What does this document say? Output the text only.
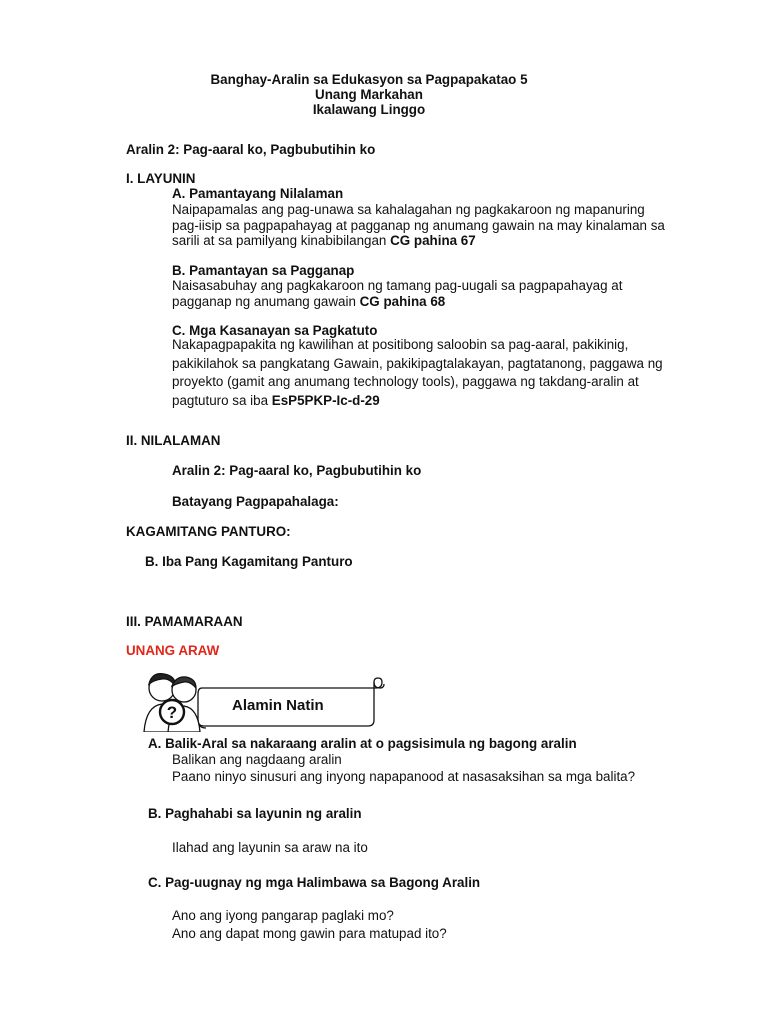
Banghay-Aralin sa Edukasyon sa Pagpapakatao 5
Unang Markahan
Ikalawang Linggo
Aralin 2: Pag-aaral ko, Pagbubutihin ko
I. LAYUNIN
A. Pamantayang Nilalaman
Naipapamalas ang pag-unawa sa kahalagahan ng pagkakaroon ng mapanuring
pag-iisip sa pagpapahayag at pagganap ng anumang gawain na may kinalaman sa
sarili at sa pamilyang kinabibilangan CG pahina 67
B. Pamantayan sa Pagganap
Naisasabuhay ang pagkakaroon ng tamang pag-uugali sa pagpapahayag at
pagganap ng anumang gawain CG pahina 68
C. Mga Kasanayan sa Pagkatuto
Nakapagpapakita ng kawilihan at positibong saloobin sa pag-aaral, pakikinig,
pakikilahok sa pangkatang Gawain, pakikipagtalakayan, pagtatanong, paggawa ng
proyekto (gamit ang anumang technology tools), paggawa ng takdang-aralin at
pagtuturo sa iba EsP5PKP-Ic-d-29
II. NILALAMAN
Aralin 2: Pag-aaral ko, Pagbubutihin ko
Batayang Pagpapahalaga:
KAGAMITANG PANTURO:
B. Iba Pang Kagamitang Panturo
III. PAMAMARAAN
UNANG ARAW
?	Alamin Natin
A. Balik-Aral sa nakaraang aralin at o pagsisimula ng bagong aralin
Balikan ang nagdaang aralin
Paano ninyo sinusuri ang inyong napapanood at nasasaksihan sa mga balita?
B. Paghahabi sa layunin ng aralin
Ilahad ang layunin sa araw na ito
C. Pag-uugnay ng mga Halimbawa sa Bagong Aralin
Ano ang iyong pangarap paglaki mo?
Ano ang dapat mong gawin para matupad ito?
